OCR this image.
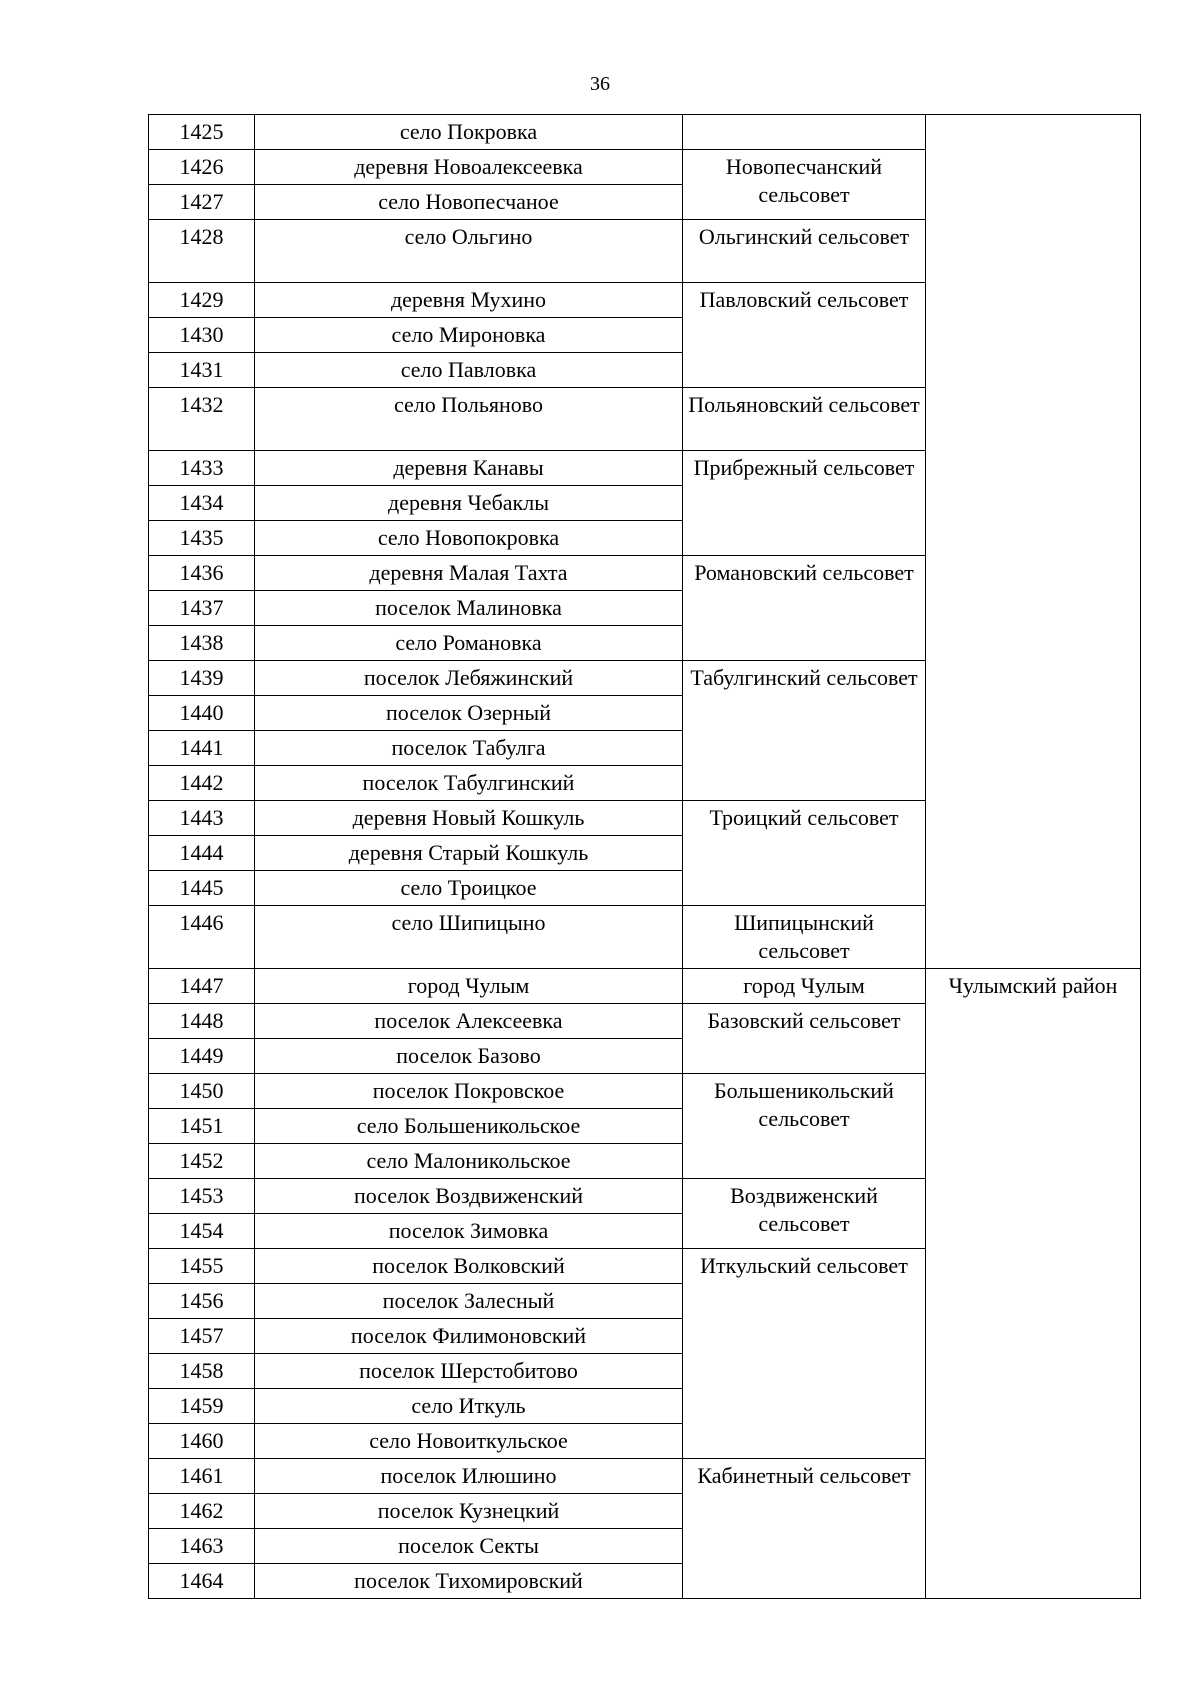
36
1425	село Покровка		
1426	деревня Новоалексеевка	Новопесчанский сельсовет	
1427	село Новопесчаное		
1428	село Ольгино	Ольгинский сельсовет	
1429	деревня Мухино	Павловский сельсовет	
1430	село Мироновка		
1431	село Павловка		
1432	село Польяново	Польяновский сельсовет	
1433	деревня Канавы	Прибрежный сельсовет	
1434	деревня Чебаклы		
1435	село Новопокровка		
1436	деревня Малая Тахта	Романовский сельсовет	
1437	поселок Малиновка		
1438	село Романовка		
1439	поселок Лебяжинский	Табулгинский сельсовет	
1440	поселок Озерный		
1441	поселок Табулга		
1442	поселок Табулгинский		
1443	деревня Новый Кошкуль	Троицкий сельсовет	
1444	деревня Старый Кошкуль		
1445	село Троицкое		
1446	село Шипицыно	Шипицынский сельсовет	
1447	город Чулым	город Чулым	Чулымский район
1448	поселок Алексеевка	Базовский сельсовет	
1449	поселок Базово		
1450	поселок Покровское	Большеникольский сельсовет	
1451	село Большеникольское		
1452	село Малоникольское		
1453	поселок Воздвиженский	Воздвиженский сельсовет	
1454	поселок Зимовка		
1455	поселок Волковский	Иткульский сельсовет	
1456	поселок Залесный		
1457	поселок Филимоновский		
1458	поселок Шерстобитово		
1459	село Иткуль		
1460	село Новоиткульское		
1461	поселок Илюшино	Кабинетный сельсовет	
1462	поселок Кузнецкий		
1463	поселок Секты		
1464	поселок Тихомировский		
